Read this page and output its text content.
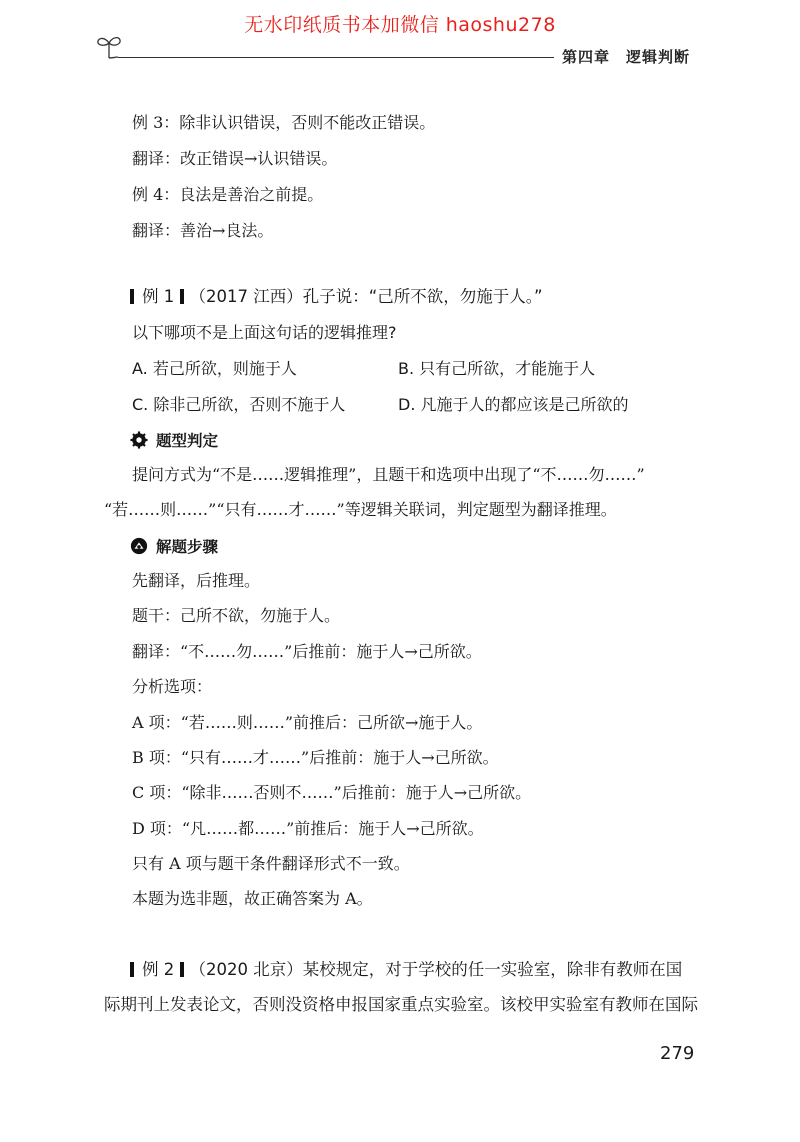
无水印纸质书本加微信 haoshu278
第四章　逻辑判断
例 3：除非认识错误，否则不能改正错误。
翻译：改正错误→认识错误。
例 4：良法是善治之前提。
翻译：善治→良法。
例 1 （2017 江西）孔子说：“己所不欲，勿施于人。”
以下哪项不是上面这句话的逻辑推理?
A. 若己所欲，则施于人	B. 只有己所欲，才能施于人
C. 除非己所欲，否则不施于人	D. 凡施于人的都应该是己所欲的
题型判定
提问方式为“不是……逻辑推理”，且题干和选项中出现了“不……勿……”
“若……则……”“只有……才……”等逻辑关联词，判定题型为翻译推理。
解题步骤
先翻译，后推理。
题干：己所不欲，勿施于人。
翻译：“不……勿……”后推前：施于人→己所欲。
分析选项：
A 项：“若……则……”前推后：己所欲→施于人。
B 项：“只有……才……”后推前：施于人→己所欲。
C 项：“除非……否则不……”后推前：施于人→己所欲。
D 项：“凡……都……”前推后：施于人→己所欲。
只有 A 项与题干条件翻译形式不一致。
本题为选非题，故正确答案为 A。
例 2 （2020 北京）某校规定，对于学校的任一实验室，除非有教师在国
际期刊上发表论文，否则没资格申报国家重点实验室。该校甲实验室有教师在国际
279
